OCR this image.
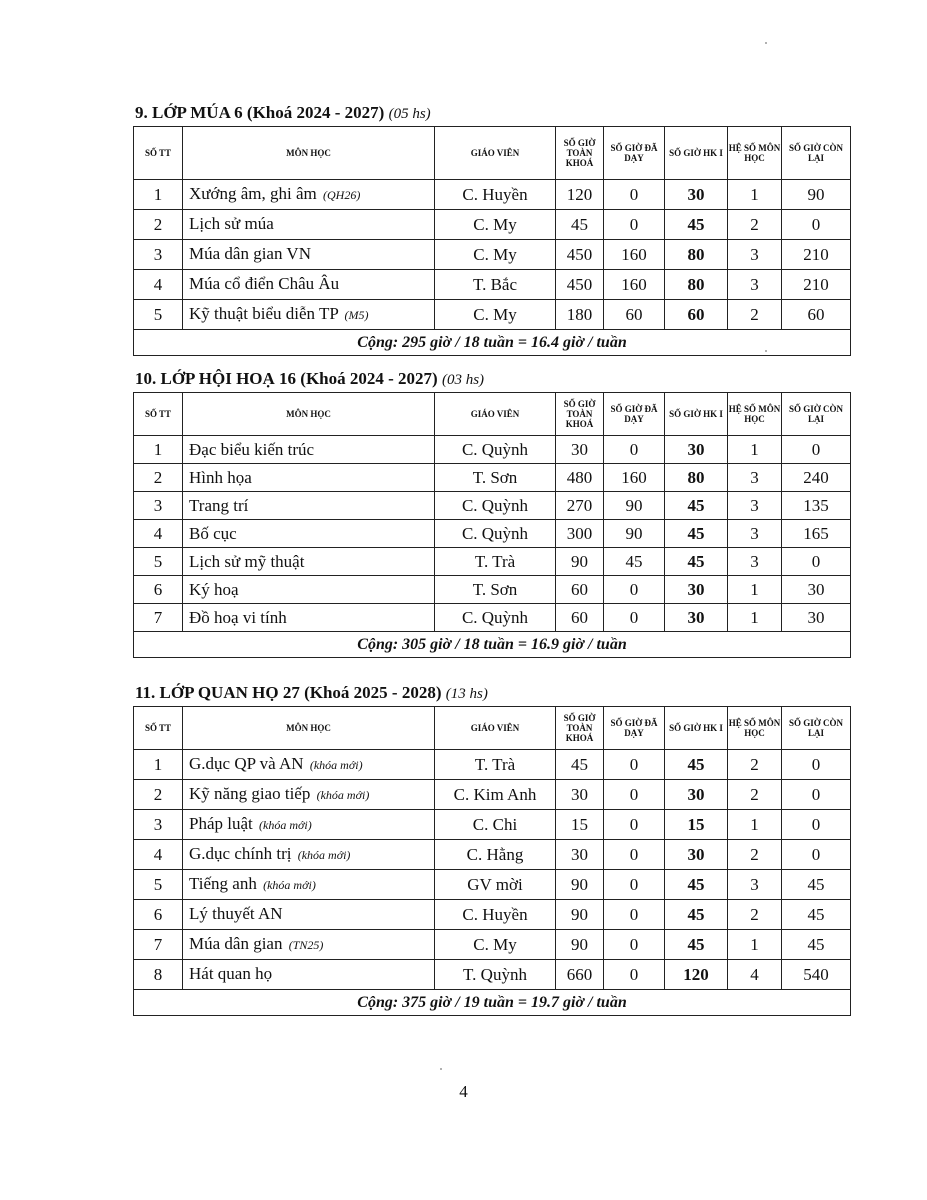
9. LỚP MÚA 6 (Khoá 2024 - 2027) (05 hs)
SỐ TT	MÔN HỌC	GIÁO VIÊN	SỐ GIỜ TOÀN KHOÁ	SỐ GIỜ ĐÃ DẠY	SỐ GIỜ HK I	HỆ SỐ MÔN HỌC	SỐ GIỜ CÒN LẠI
1	Xướng âm, ghi âm (QH26)	C. Huyền	120	0	30	1	90
2	Lịch sử múa	C. My	45	0	45	2	0
3	Múa dân gian VN	C. My	450	160	80	3	210
4	Múa cổ điển Châu Âu	T. Bắc	450	160	80	3	210
5	Kỹ thuật biểu diễn TP (M5)	C. My	180	60	60	2	60
Cộng: 295 giờ / 18 tuần = 16.4 giờ / tuần							
10. LỚP HỘI HOẠ 16 (Khoá 2024 - 2027) (03 hs)
SỐ TT	MÔN HỌC	GIÁO VIÊN	SỐ GIỜ TOÀN KHOÁ	SỐ GIỜ ĐÃ DẠY	SỐ GIỜ HK I	HỆ SỐ MÔN HỌC	SỐ GIỜ CÒN LẠI
1	Đạc biểu kiến trúc	C. Quỳnh	30	0	30	1	0
2	Hình họa	T. Sơn	480	160	80	3	240
3	Trang trí	C. Quỳnh	270	90	45	3	135
4	Bố cục	C. Quỳnh	300	90	45	3	165
5	Lịch sử mỹ thuật	T. Trà	90	45	45	3	0
6	Ký hoạ	T. Sơn	60	0	30	1	30
7	Đồ hoạ vi tính	C. Quỳnh	60	0	30	1	30
Cộng: 305 giờ / 18 tuần = 16.9 giờ / tuần							
11. LỚP QUAN HỌ 27 (Khoá 2025 - 2028) (13 hs)
SỐ TT	MÔN HỌC	GIÁO VIÊN	SỐ GIỜ TOÀN KHOÁ	SỐ GIỜ ĐÃ DẠY	SỐ GIỜ HK I	HỆ SỐ MÔN HỌC	SỐ GIỜ CÒN LẠI
1	G.dục QP và AN (khóa mới)	T. Trà	45	0	45	2	0
2	Kỹ năng giao tiếp (khóa mới)	C. Kim Anh	30	0	30	2	0
3	Pháp luật (khóa mới)	C. Chi	15	0	15	1	0
4	G.dục chính trị (khóa mới)	C. Hằng	30	0	30	2	0
5	Tiếng anh (khóa mới)	GV mời	90	0	45	3	45
6	Lý thuyết AN	C. Huyền	90	0	45	2	45
7	Múa dân gian (TN25)	C. My	90	0	45	1	45
8	Hát quan họ	T. Quỳnh	660	0	120	4	540
Cộng: 375 giờ / 19 tuần = 19.7 giờ / tuần							
4
